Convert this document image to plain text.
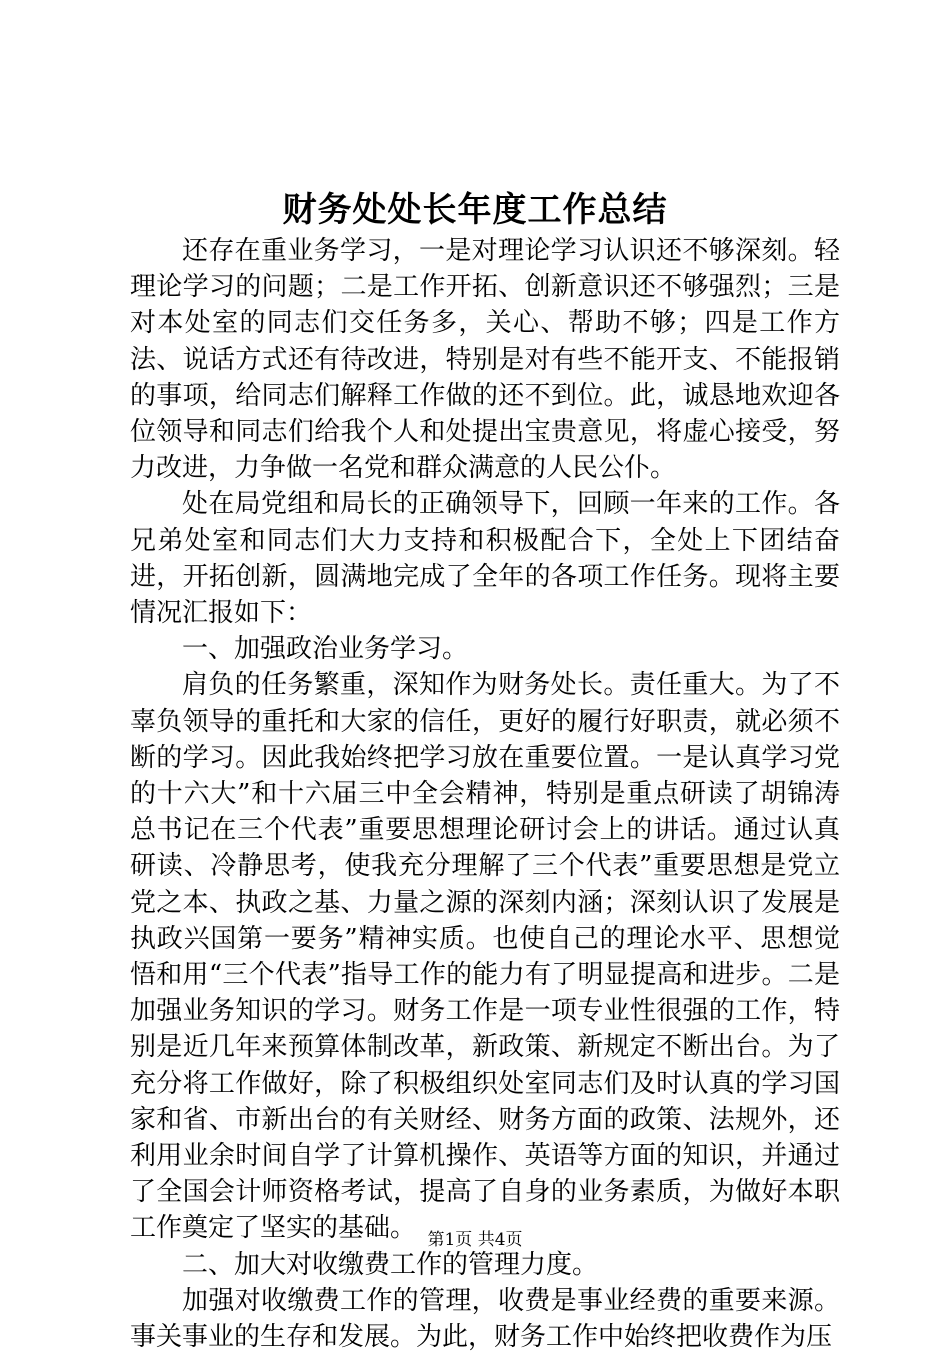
财务处处长年度工作总结

还存在重业务学习，一是对理论学习认识还不够深刻。轻理论学习的问题；二是工作开拓、创新意识还不够强烈；三是对本处室的同志们交任务多，关心、帮助不够；四是工作方法、说话方式还有待改进，特别是对有些不能开支、不能报销的事项，给同志们解释工作做的还不到位。此，诚恳地欢迎各位领导和同志们给我个人和处提出宝贵意见，将虚心接受，努力改进，力争做一名党和群众满意的人民公仆。

处在局党组和局长的正确领导下，回顾一年来的工作。各兄弟处室和同志们大力支持和积极配合下，全处上下团结奋进，开拓创新，圆满地完成了全年的各项工作任务。现将主要情况汇报如下：

一、加强政治业务学习。

肩负的任务繁重，深知作为财务处长。责任重大。为了不辜负领导的重托和大家的信任，更好的履行好职责，就必须不断的学习。因此我始终把学习放在重要位置。一是认真学习党的十六大”和十六届三中全会精神，特别是重点研读了胡锦涛总书记在三个代表”重要思想理论研讨会上的讲话。通过认真研读、冷静思考，使我充分理解了三个代表”重要思想是党立党之本、执政之基、力量之源的深刻内涵；深刻认识了发展是执政兴国第一要务”精神实质。也使自己的理论水平、思想觉悟和用“三个代表”指导工作的能力有了明显提高和进步。二是加强业务知识的学习。财务工作是一项专业性很强的工作，特别是近几年来预算体制改革，新政策、新规定不断出台。为了充分将工作做好，除了积极组织处室同志们及时认真的学习国家和省、市新出台的有关财经、财务方面的政策、法规外，还利用业余时间自学了计算机操作、英语等方面的知识，并通过了全国会计师资格考试，提高了自身的业务素质，为做好本职工作奠定了坚实的基础。

二、加大对收缴费工作的管理力度。

加强对收缴费工作的管理，收费是事业经费的重要来源。事关事业的生存和发展。为此，财务工作中始终把收费作为压

第1页 共4页
